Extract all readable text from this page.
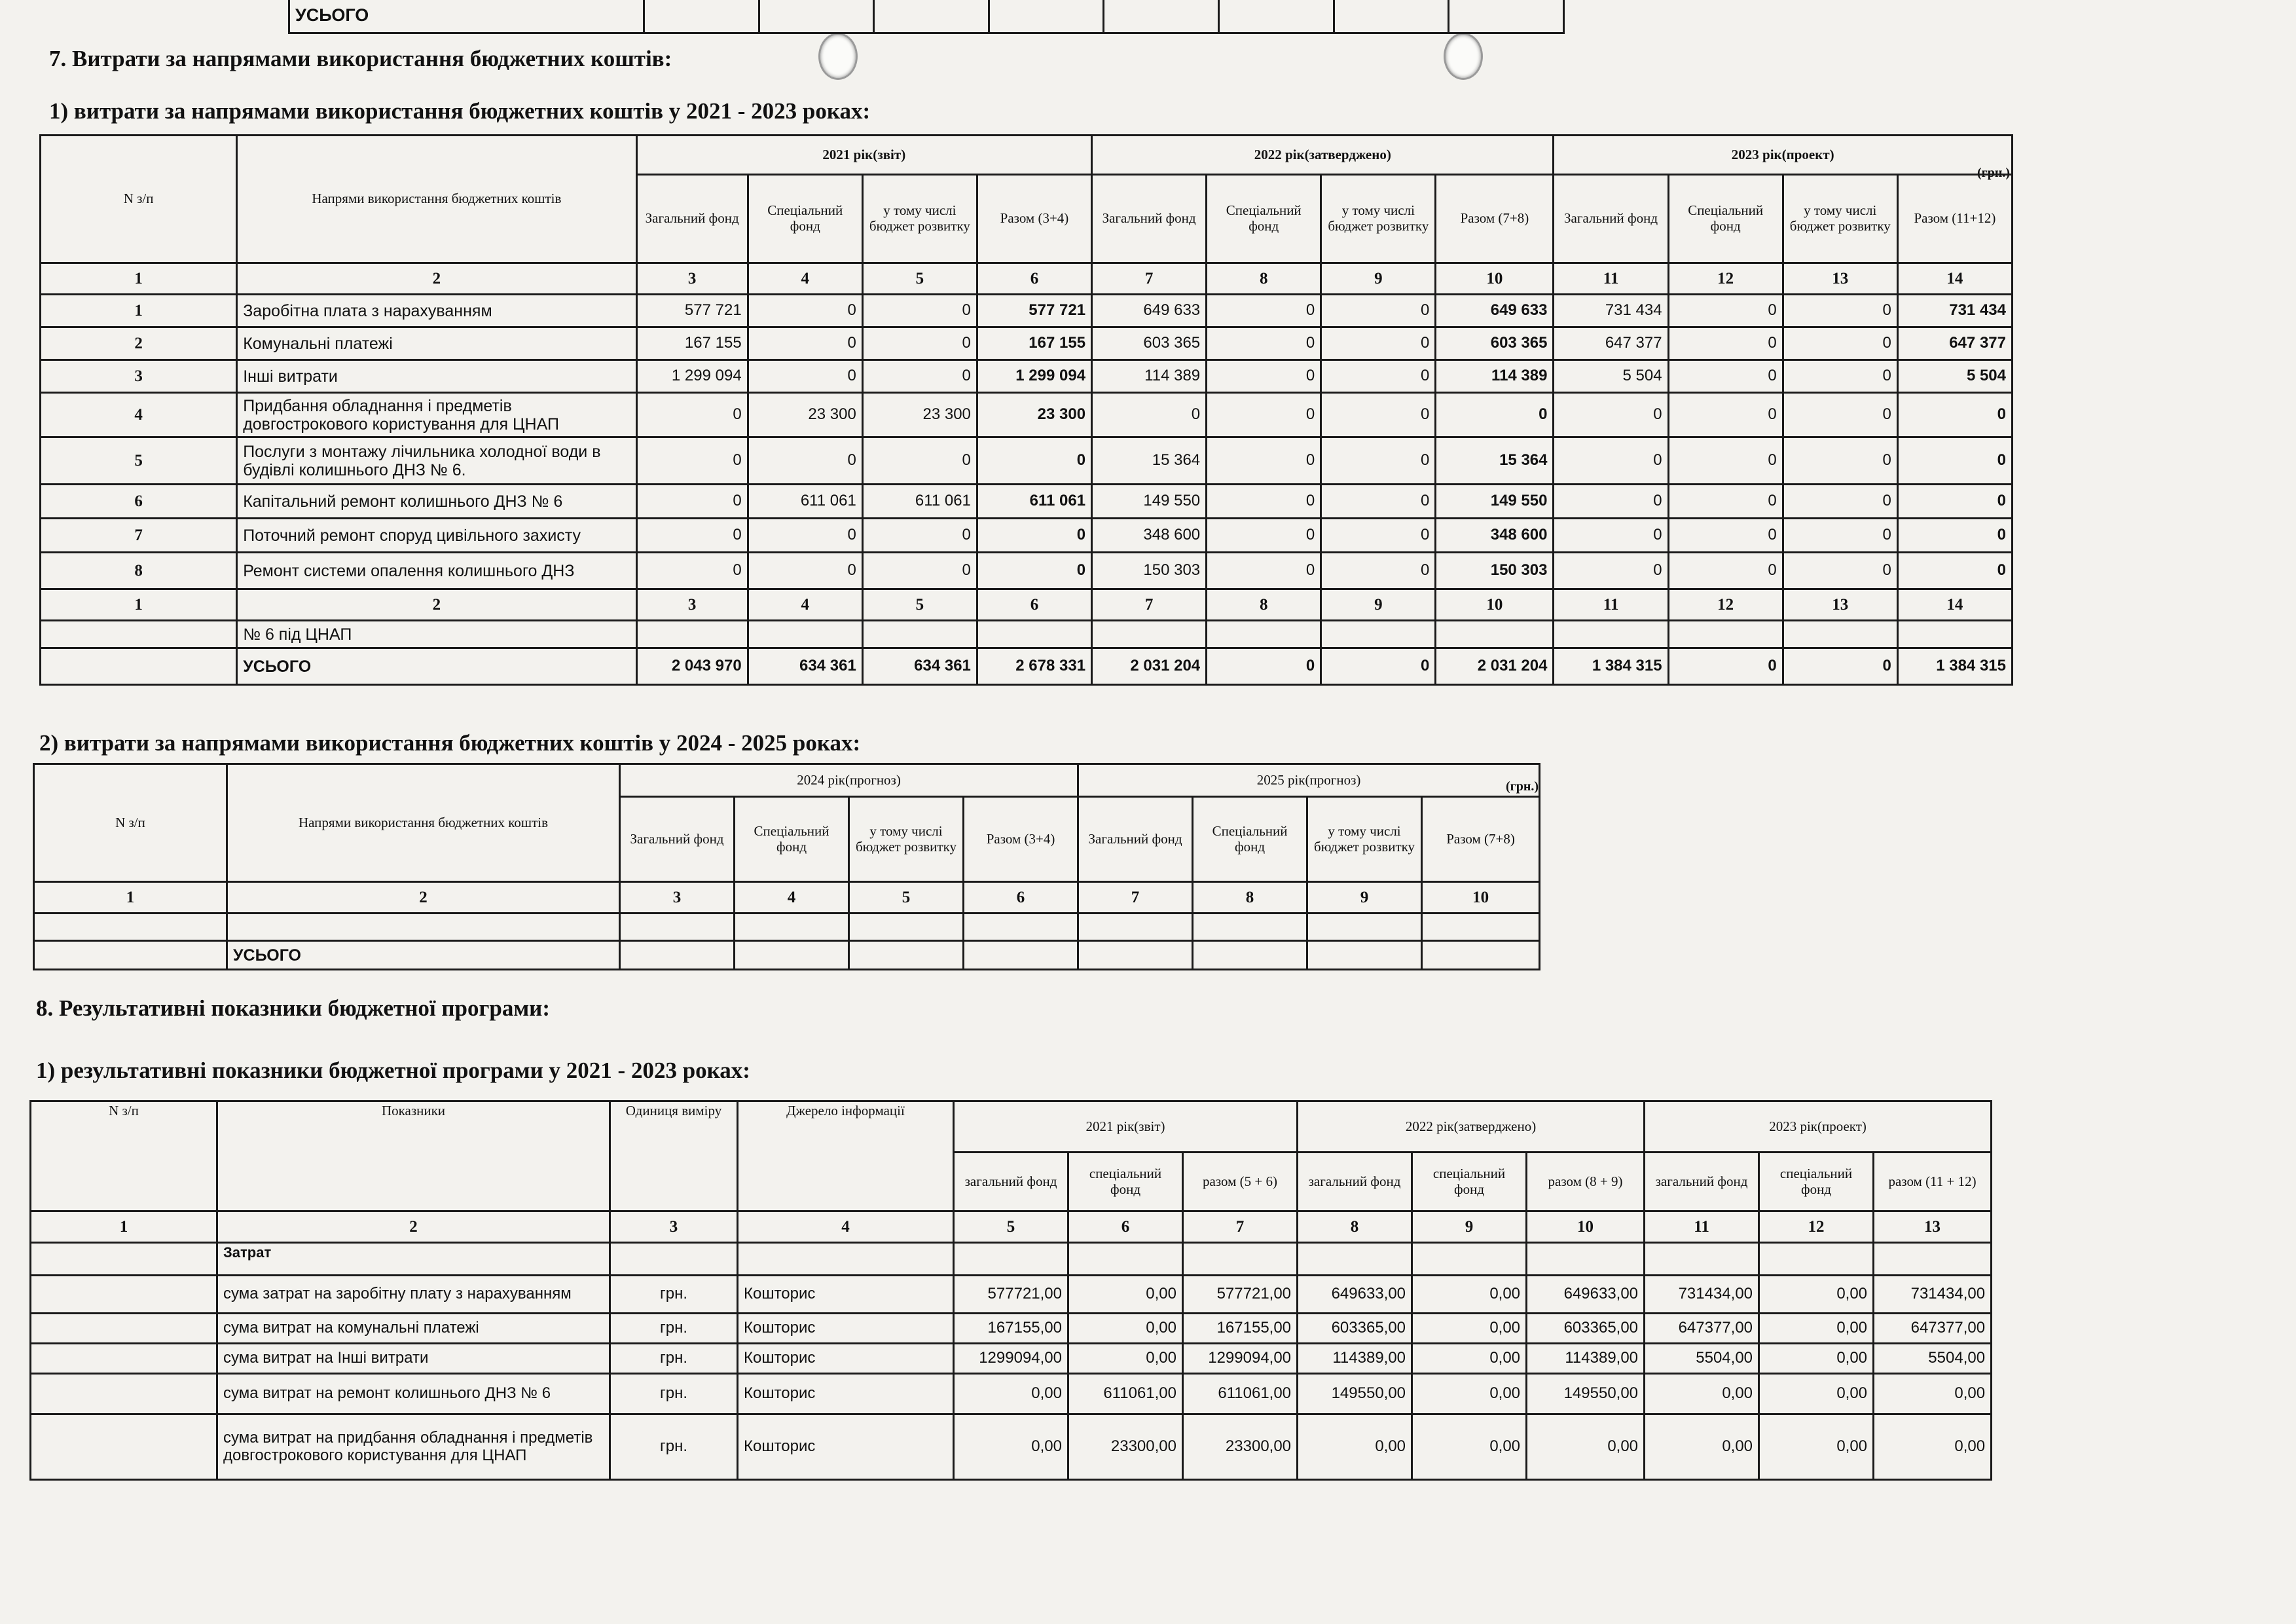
УСЬОГО								
7. Витрати за напрямами використання бюджетних коштів:
1) витрати за напрямами використання бюджетних коштів у 2021 - 2023 роках:
(грн.)
N з/п	Напрями використання бюджетних коштів	2021 рік(звіт)				2022 рік(затверджено)				2023 рік(проект)			
		Загальний фонд	Спеціальний фонд	у тому числі бюджет розвитку	Разом (3+4)	Загальний фонд	Спеціальний фонд	у тому числі бюджет розвитку	Разом (7+8)	Загальний фонд	Спеціальний фонд	у тому числі бюджет розвитку	Разом (11+12)
1	2	3	4	5	6	7	8	9	10	11	12	13	14
1	Заробітна плата з нарахуванням	577 721	0	0	577 721	649 633	0	0	649 633	731 434	0	0	731 434
2	Комунальні платежі	167 155	0	0	167 155	603 365	0	0	603 365	647 377	0	0	647 377
3	Інші витрати	1 299 094	0	0	1 299 094	114 389	0	0	114 389	5 504	0	0	5 504
4	Придбання обладнання і предметів довгострокового користування для ЦНАП	0	23 300	23 300	23 300	0	0	0	0	0	0	0	0
5	Послуги з монтажу лічильника холодної води в будівлі колишнього ДНЗ № 6.	0	0	0	0	15 364	0	0	15 364	0	0	0	0
6	Капітальний ремонт колишнього ДНЗ № 6	0	611 061	611 061	611 061	149 550	0	0	149 550	0	0	0	0
7	Поточний ремонт споруд цивільного захисту	0	0	0	0	348 600	0	0	348 600	0	0	0	0
8	Ремонт системи опалення колишнього ДНЗ	0	0	0	0	150 303	0	0	150 303	0	0	0	0
1	2	3	4	5	6	7	8	9	10	11	12	13	14
	№ 6 під ЦНАП												
	УСЬОГО	2 043 970	634 361	634 361	2 678 331	2 031 204	0	0	2 031 204	1 384 315	0	0	1 384 315
2) витрати за напрямами використання бюджетних коштів у 2024 - 2025 роках:
(грн.)
N з/п	Напрями використання бюджетних коштів	2024 рік(прогноз)				2025 рік(прогноз)			
		Загальний фонд	Спеціальний фонд	у тому числі бюджет розвитку	Разом (3+4)	Загальний фонд	Спеціальний фонд	у тому числі бюджет розвитку	Разом (7+8)
1	2	3	4	5	6	7	8	9	10

	УСЬОГО								
8. Результативні показники бюджетної програми:
1) результативні показники бюджетної програми у 2021 - 2023 роках:
N з/п	Показники	Одиниця виміру	Джерело інформації	2021 рік(звіт)			2022 рік(затверджено)			2023 рік(проект)		
				загальний фонд	спеціальний фонд	разом (5 + 6)	загальний фонд	спеціальний фонд	разом (8 + 9)	загальний фонд	спеціальний фонд	разом (11 + 12)
1	2	3	4	5	6	7	8	9	10	11	12	13
	Затрат											
	сума затрат на заробітну плату з нарахуванням	грн.	Кошторис	577721,00	0,00	577721,00	649633,00	0,00	649633,00	731434,00	0,00	731434,00
	сума витрат на комунальні платежі	грн.	Кошторис	167155,00	0,00	167155,00	603365,00	0,00	603365,00	647377,00	0,00	647377,00
	сума витрат на Інші витрати	грн.	Кошторис	1299094,00	0,00	1299094,00	114389,00	0,00	114389,00	5504,00	0,00	5504,00
	сума витрат на ремонт колишнього ДНЗ № 6	грн.	Кошторис	0,00	611061,00	611061,00	149550,00	0,00	149550,00	0,00	0,00	0,00
	сума витрат на придбання обладнання і предметів довгострокового користування для ЦНАП	грн.	Кошторис	0,00	23300,00	23300,00	0,00	0,00	0,00	0,00	0,00	0,00
